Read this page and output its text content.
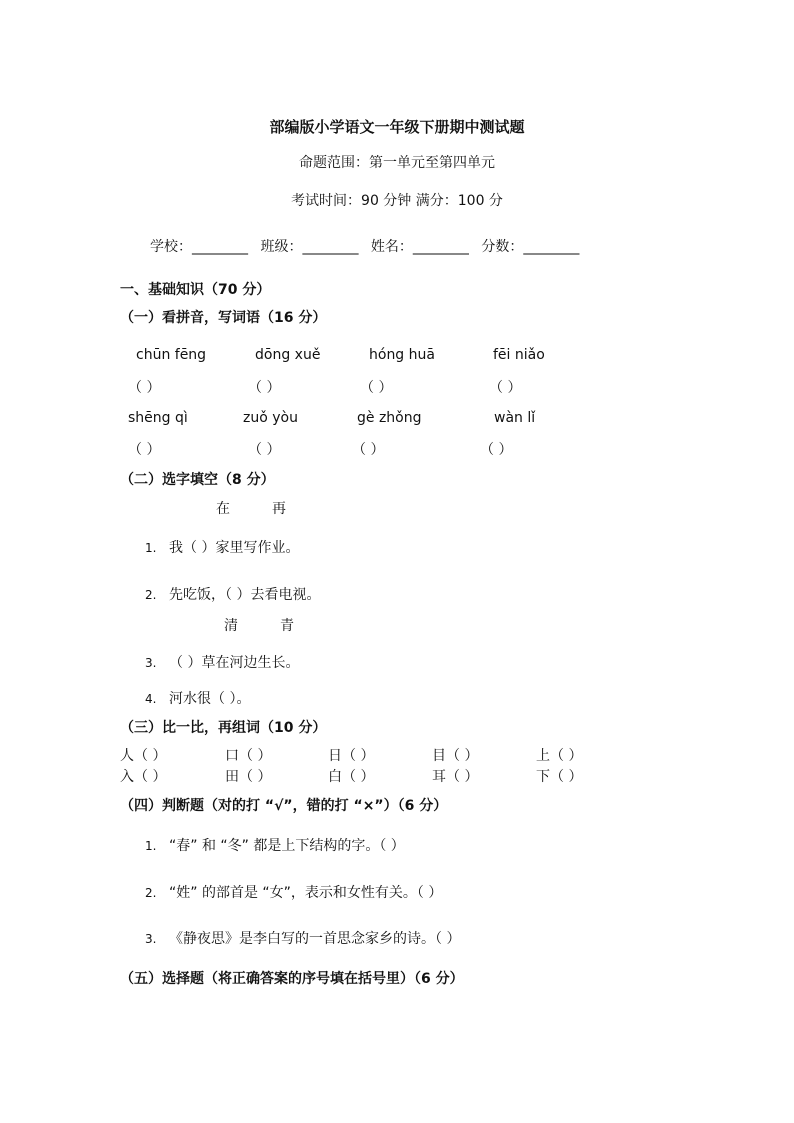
部编版小学语文一年级下册期中测试题
命题范围：第一单元至第四单元
考试时间：90 分钟 满分：100 分
学校：________ 班级：________ 姓名：________ 分数：________
一、基础知识（70 分）
（一）看拼音，写词语（16 分）
chūn fēng	dōng xuě	hóng huā	fēi niǎo
（ ）	（ ）	（ ）	（ ）
shēng qì	zuǒ yòu	gè zhǒng	wàn lǐ
（ ）	（ ）	（ ）	（ ）
（二）选字填空（8 分）
在	再
1. 我（ ）家里写作业。
2. 先吃饭，（ ）去看电视。
清	青
3. （ ）草在河边生长。
4. 河水很（ ）。
（三）比一比，再组词（10 分）
人（ ）	口（ ）	日（ ）	目（ ）	上（ ）
入（ ）	田（ ）	白（ ）	耳（ ）	下（ ）
（四）判断题（对的打 “√”，错的打 “×”）（6 分）
1. “春” 和 “冬” 都是上下结构的字。（ ）
2. “姓” 的部首是 “女”，表示和女性有关。（ ）
3. 《静夜思》是李白写的一首思念家乡的诗。（ ）
（五）选择题（将正确答案的序号填在括号里）（6 分）
